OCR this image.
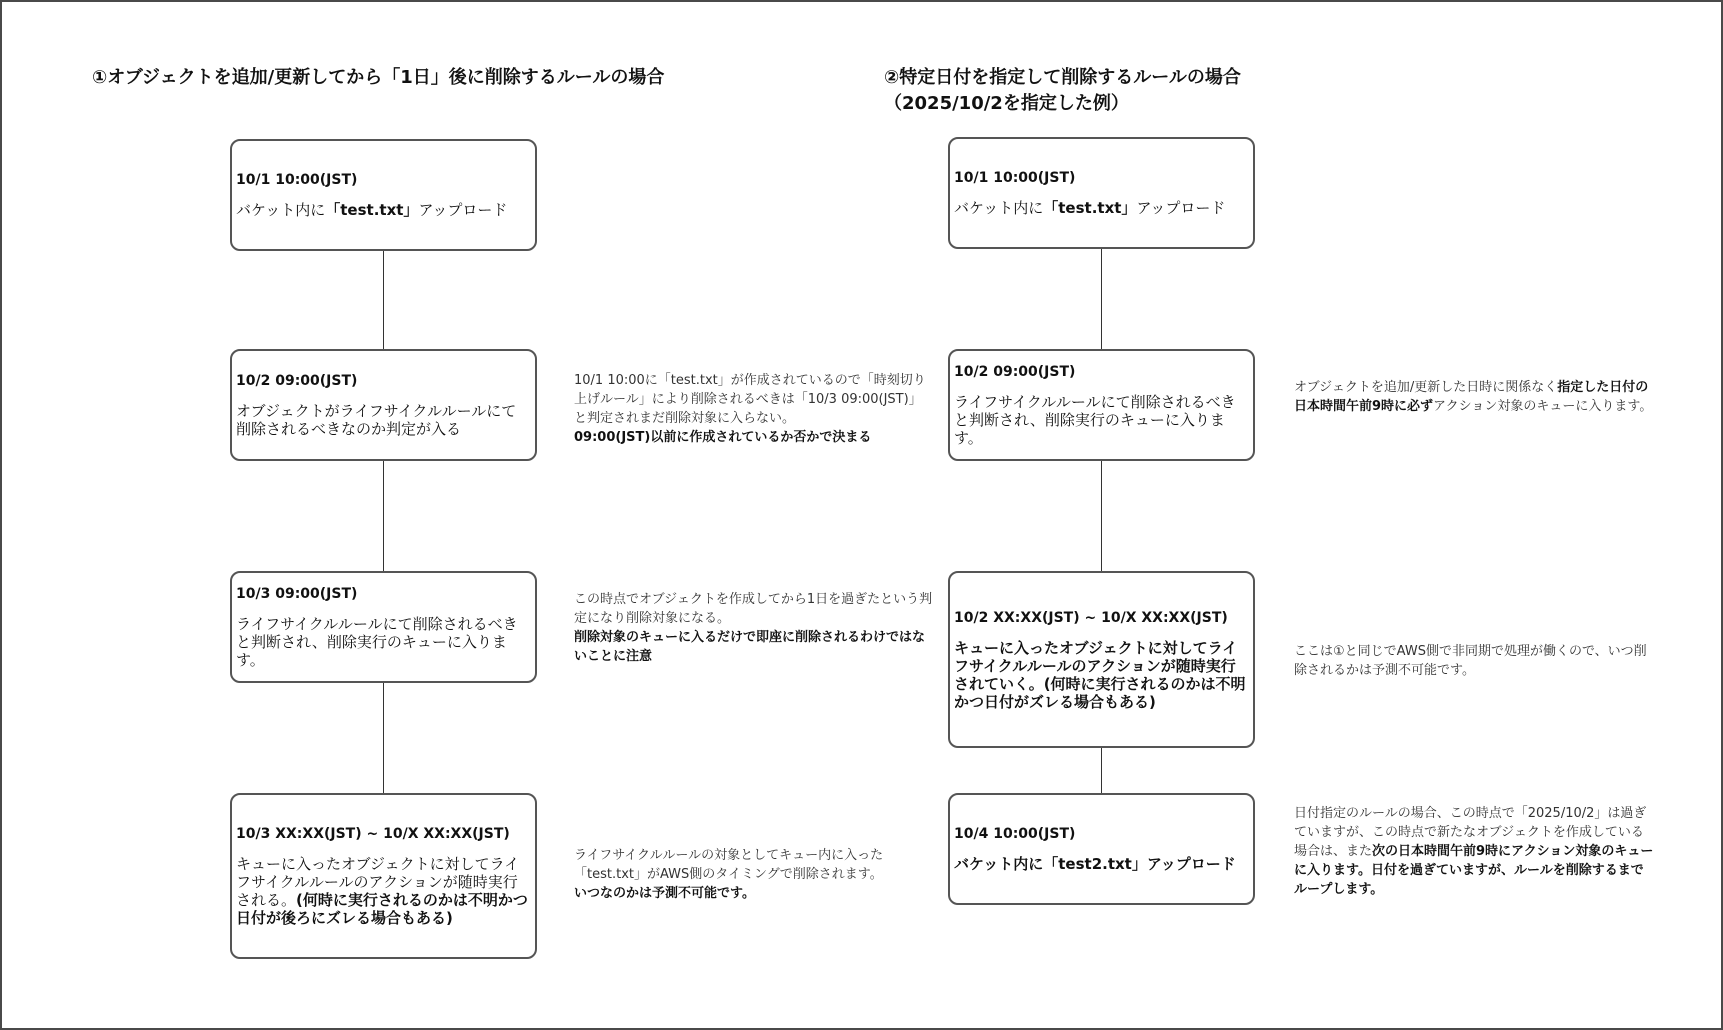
①オブジェクトを追加/更新してから「1日」後に削除するルールの場合	②特定日付を指定して削除するルールの場合
（2025/10/2を指定した例）
10/1 10:00(JST)
バケット内に「test.txt」アップロード
10/2 09:00(JST)
オブジェクトがライフサイクルルールにて削除されるべきなのか判定が入る
10/3 09:00(JST)
ライフサイクルルールにて削除されるべきと判断され、削除実行のキューに入ります。
10/3 XX:XX(JST) ~ 10/X XX:XX(JST)
キューに入ったオブジェクトに対してライフサイクルルールのアクションが随時実行される。(何時に実行されるのかは不明かつ日付が後ろにズレる場合もある)
10/1 10:00に「test.txt」が作成されているので「時刻切り上げルール」により削除されるべきは「10/3 09:00(JST)」と判定されまだ削除対象に入らない。
09:00(JST)以前に作成されているか否かで決まる
この時点でオブジェクトを作成してから1日を過ぎたという判定になり削除対象になる。
削除対象のキューに入るだけで即座に削除されるわけではないことに注意
ライフサイクルルールの対象としてキュー内に入った「test.txt」がAWS側のタイミングで削除されます。
いつなのかは予測不可能です。
10/1 10:00(JST)
バケット内に「test.txt」アップロード
10/2 09:00(JST)
ライフサイクルルールにて削除されるべきと判断され、削除実行のキューに入ります。
10/2 XX:XX(JST) ~ 10/X XX:XX(JST)
キューに入ったオブジェクトに対してライフサイクルルールのアクションが随時実行されていく。(何時に実行されるのかは不明かつ日付がズレる場合もある)
10/4 10:00(JST)
バケット内に「test2.txt」アップロード
オブジェクトを追加/更新した日時に関係なく指定した日付の日本時間午前9時に必ずアクション対象のキューに入ります。
ここは①と同じでAWS側で非同期で処理が働くので、いつ削除されるかは予測不可能です。
日付指定のルールの場合、この時点で「2025/10/2」は過ぎていますが、この時点で新たなオブジェクトを作成している場合は、また次の日本時間午前9時にアクション対象のキューに入ります。日付を過ぎていますが、ルールを削除するまでループします。
